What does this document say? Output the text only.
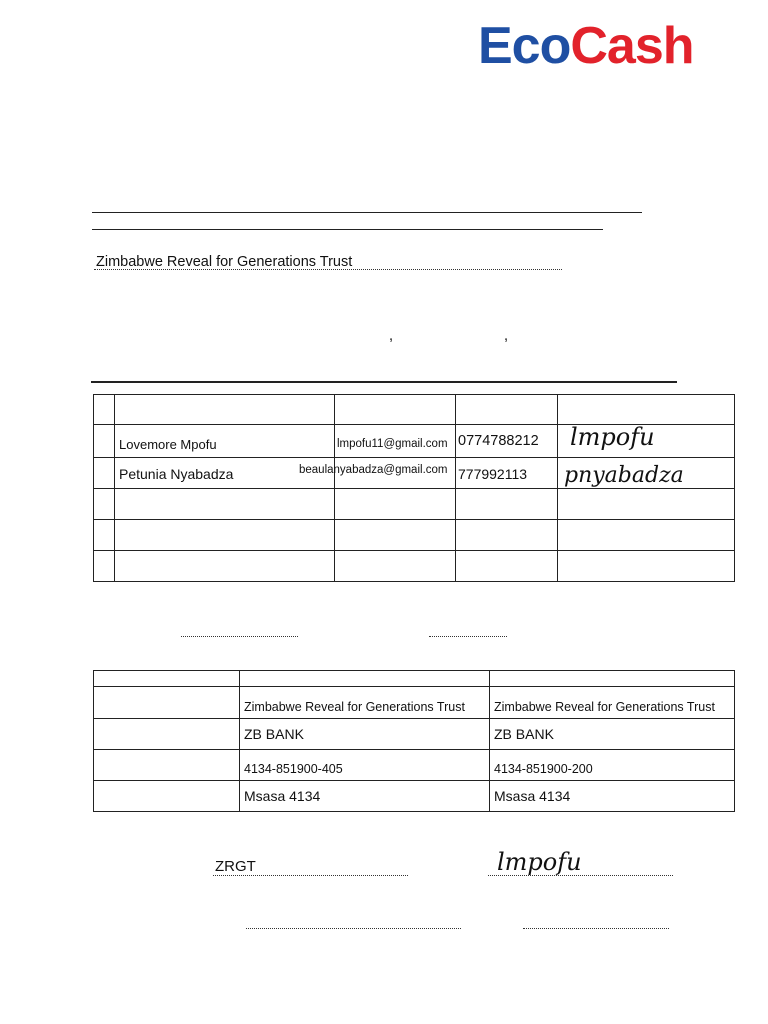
EcoCash
Zimbabwe Reveal for Generations Trust
,	,

	Lovemore Mpofu	lmpofu11@gmail.com	0774788212	lmpofu
	Petunia Nyabadza	beaulanyabadza@gmail.com	777992113	pnyabadza

	Zimbabwe Reveal for Generations Trust	Zimbabwe Reveal for Generations Trust
	ZB BANK	ZB BANK
	4134-851900-405	4134-851900-200
	Msasa 4134	Msasa 4134
ZRGT	lmpofu
